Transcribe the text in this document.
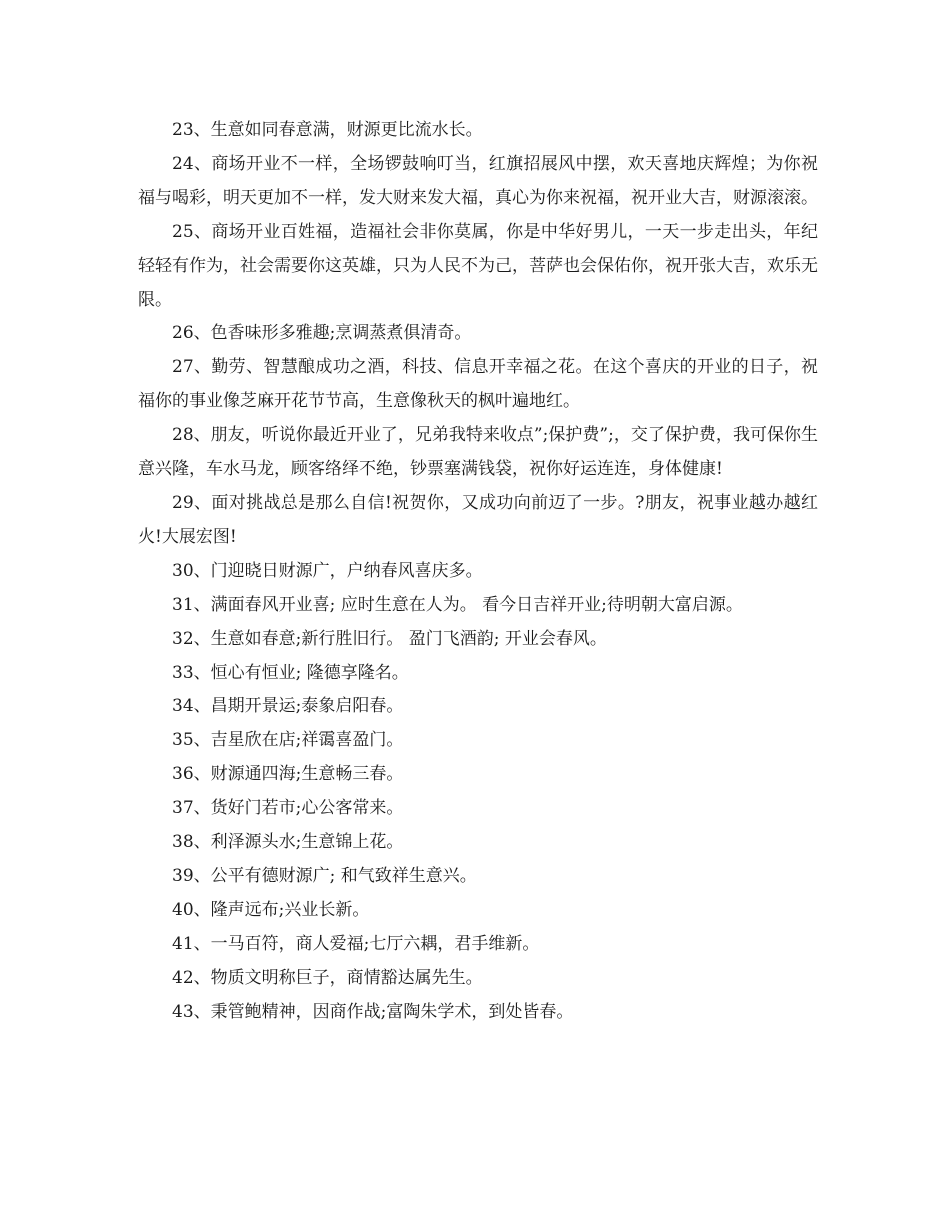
23、生意如同春意满，财源更比流水长。

24、商场开业不一样，全场锣鼓响叮当，红旗招展风中摆，欢天喜地庆辉煌；为你祝福与喝彩，明天更加不一样，发大财来发大福，真心为你来祝福，祝开业大吉，财源滚滚。

25、商场开业百姓福，造福社会非你莫属，你是中华好男儿，一天一步走出头，年纪轻轻有作为，社会需要你这英雄，只为人民不为己，菩萨也会保佑你，祝开张大吉，欢乐无限。

26、色香味形多雅趣;烹调蒸煮俱清奇。

27、勤劳、智慧酿成功之酒，科技、信息开幸福之花。在这个喜庆的开业的日子，祝福你的事业像芝麻开花节节高，生意像秋天的枫叶遍地红。

28、朋友，听说你最近开业了，兄弟我特来收点”;保护费”;，交了保护费，我可保你生意兴隆，车水马龙，顾客络绎不绝，钞票塞满钱袋，祝你好运连连，身体健康!

29、面对挑战总是那么自信!祝贺你，又成功向前迈了一步。?朋友，祝事业越办越红火!大展宏图!

30、门迎晓日财源广，户纳春风喜庆多。

31、满面春风开业喜; 应时生意在人为。 看今日吉祥开业;待明朝大富启源。

32、生意如春意;新行胜旧行。 盈门飞酒韵; 开业会春风。

33、恒心有恒业; 隆德享隆名。

34、昌期开景运;泰象启阳春。

35、吉星欣在店;祥霭喜盈门。

36、财源通四海;生意畅三春。

37、货好门若市;心公客常来。

38、利泽源头水;生意锦上花。

39、公平有德财源广; 和气致祥生意兴。

40、隆声远布;兴业长新。

41、一马百符，商人爱福;七厅六耦，君手维新。

42、物质文明称巨子，商情豁达属先生。

43、秉管鲍精神，因商作战;富陶朱学术，到处皆春。
